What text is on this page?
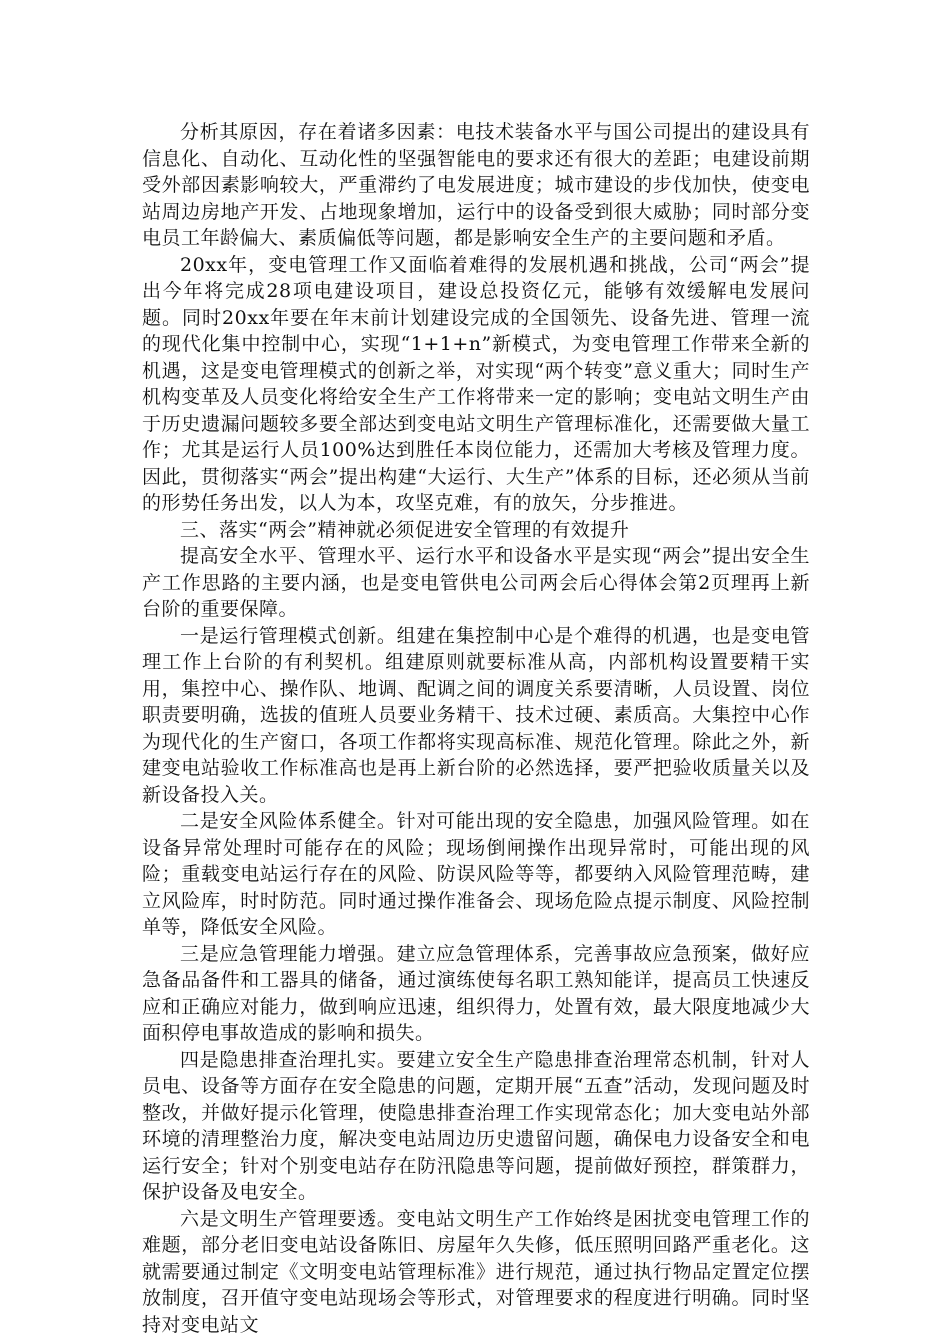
分析其原因，存在着诸多因素：电技术装备水平与国公司提出的建设具有信息化、自动化、互动化性的坚强智能电的要求还有很大的差距；电建设前期受外部因素影响较大，严重滞约了电发展进度；城市建设的步伐加快，使变电站周边房地产开发、占地现象增加，运行中的设备受到很大威胁；同时部分变电员工年龄偏大、素质偏低等问题，都是影响安全生产的主要问题和矛盾。

20xx年，变电管理工作又面临着难得的发展机遇和挑战，公司“两会”提出今年将完成28项电建设项目，建设总投资亿元，能够有效缓解电发展问题。同时20xx年要在年末前计划建设完成的全国领先、设备先进、管理一流的现代化集中控制中心，实现“1+1+n”新模式，为变电管理工作带来全新的机遇，这是变电管理模式的创新之举，对实现“两个转变”意义重大；同时生产机构变革及人员变化将给安全生产工作将带来一定的影响；变电站文明生产由于历史遗漏问题较多要全部达到变电站文明生产管理标准化，还需要做大量工作；尤其是运行人员100%达到胜任本岗位能力，还需加大考核及管理力度。因此，贯彻落实“两会”提出构建“大运行、大生产”体系的目标，还必须从当前的形势任务出发，以人为本，攻坚克难，有的放矢，分步推进。

三、落实“两会”精神就必须促进安全管理的有效提升

提高安全水平、管理水平、运行水平和设备水平是实现“两会”提出安全生产工作思路的主要内涵，也是变电管供电公司两会后心得体会第2页理再上新台阶的重要保障。

一是运行管理模式创新。组建在集控制中心是个难得的机遇，也是变电管理工作上台阶的有利契机。组建原则就要标准从高，内部机构设置要精干实用，集控中心、操作队、地调、配调之间的调度关系要清晰，人员设置、岗位职责要明确，选拔的值班人员要业务精干、技术过硬、素质高。大集控中心作为现代化的生产窗口，各项工作都将实现高标准、规范化管理。除此之外，新建变电站验收工作标准高也是再上新台阶的必然选择，要严把验收质量关以及新设备投入关。

二是安全风险体系健全。针对可能出现的安全隐患，加强风险管理。如在设备异常处理时可能存在的风险；现场倒闸操作出现异常时，可能出现的风险；重载变电站运行存在的风险、防误风险等等，都要纳入风险管理范畴，建立风险库，时时防范。同时通过操作准备会、现场危险点提示制度、风险控制单等，降低安全风险。

三是应急管理能力增强。建立应急管理体系，完善事故应急预案，做好应急备品备件和工器具的储备，通过演练使每名职工熟知能详，提高员工快速反应和正确应对能力，做到响应迅速，组织得力，处置有效，最大限度地减少大面积停电事故造成的影响和损失。

四是隐患排查治理扎实。要建立安全生产隐患排查治理常态机制，针对人员电、设备等方面存在安全隐患的问题，定期开展“五查”活动，发现问题及时整改，并做好提示化管理，使隐患排查治理工作实现常态化；加大变电站外部环境的清理整治力度，解决变电站周边历史遗留问题，确保电力设备安全和电运行安全；针对个别变电站存在防汛隐患等问题，提前做好预控，群策群力，保护设备及电安全。

六是文明生产管理要透。变电站文明生产工作始终是困扰变电管理工作的难题，部分老旧变电站设备陈旧、房屋年久失修，低压照明回路严重老化。这就需要通过制定《文明变电站管理标准》进行规范，通过执行物品定置定位摆放制度，召开值守变电站现场会等形式，对管理要求的程度进行明确。同时坚持对变电站文
